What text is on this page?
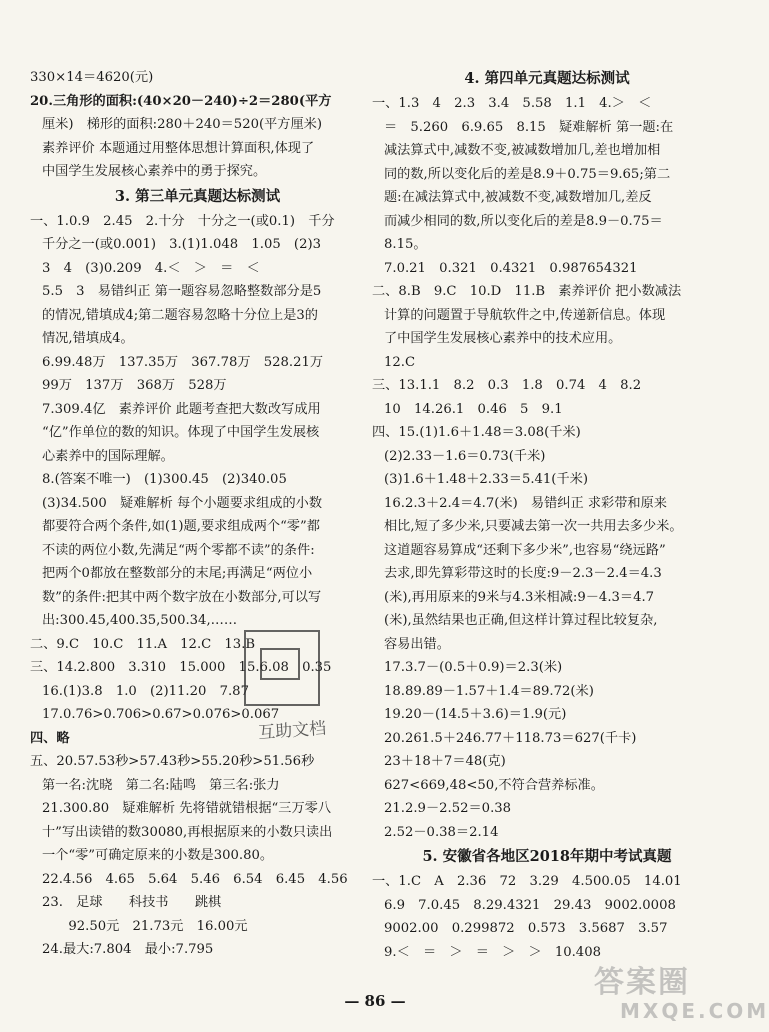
330×14＝4620(元)
20.三角形的面积:(40×20－240)÷2＝280(平方
厘米)　梯形的面积:280＋240＝520(平方厘米)
素养评价 本题通过用整体思想计算面积,体现了
中国学生发展核心素养中的勇于探究。
3. 第三单元真题达标测试
一、1.0.9　2.45　2.十分　十分之一(或0.1)　千分
千分之一(或0.001)　3.(1)1.048　1.05　(2)3
3　4　(3)0.209　4.＜　＞　＝　＜
5.5　3　易错纠正 第一题容易忽略整数部分是5
的情况,错填成4;第二题容易忽略十分位上是3的
情况,错填成4。
6.99.48万　137.35万　367.78万　528.21万
99万　137万　368万　528万
7.309.4亿　素养评价 此题考查把大数改写成用
“亿”作单位的数的知识。体现了中国学生发展核
心素养中的国际理解。
8.(答案不唯一)　(1)300.45　(2)340.05
(3)34.500　疑难解析 每个小题要求组成的小数
都要符合两个条件,如(1)题,要求组成两个“零”都
不读的两位小数,先满足“两个零都不读”的条件:
把两个0都放在整数部分的末尾;再满足“两位小
数”的条件:把其中两个数字放在小数部分,可以写
出:300.45,400.35,500.34,……
二、9.C　10.C　11.A　12.C　13.B
三、14.2.800　3.310　15.000　15.6.08　0.35
16.(1)3.8　1.0　(2)11.20　7.87
17.0.76>0.706>0.67>0.076>0.067
四、略
五、20.57.53秒>57.43秒>55.20秒>51.56秒
第一名:沈晓　第二名:陆鸣　第三名:张力
21.300.80　疑难解析 先将错就错根据“三万零八
十”写出读错的数30080,再根据原来的小数只读出
一个“零”可确定原来的小数是300.80。
22.4.56　4.65　5.64　5.46　6.54　6.45　4.56
23.　足球　　科技书　　跳棋
　　92.50元　21.73元　16.00元
24.最大:7.804　最小:7.795
4. 第四单元真题达标测试
一、1.3　4　2.3　3.4　5.58　1.1　4.＞　＜
＝　5.260　6.9.65　8.15　疑难解析 第一题:在
减法算式中,减数不变,被减数增加几,差也增加相
同的数,所以变化后的差是8.9＋0.75＝9.65;第二
题:在减法算式中,被减数不变,减数增加几,差反
而减少相同的数,所以变化后的差是8.9－0.75＝
8.15。
7.0.21　0.321　0.4321　0.987654321
二、8.B　9.C　10.D　11.B　素养评价 把小数减法
计算的问题置于导航软件之中,传递新信息。体现
了中国学生发展核心素养中的技术应用。
12.C
三、13.1.1　8.2　0.3　1.8　0.74　4　8.2
10　14.26.1　0.46　5　9.1
四、15.(1)1.6＋1.48＝3.08(千米)
(2)2.33－1.6＝0.73(千米)
(3)1.6＋1.48＋2.33＝5.41(千米)
16.2.3＋2.4＝4.7(米)　易错纠正 求彩带和原来
相比,短了多少米,只要减去第一次一共用去多少米。
这道题容易算成“还剩下多少米”,也容易“绕远路”
去求,即先算彩带这时的长度:9－2.3－2.4＝4.3
(米),再用原来的9米与4.3米相减:9－4.3＝4.7
(米),虽然结果也正确,但这样计算过程比较复杂,
容易出错。
17.3.7－(0.5＋0.9)＝2.3(米)
18.89.89－1.57＋1.4＝89.72(米)
19.20－(14.5＋3.6)＝1.9(元)
20.261.5＋246.77＋118.73＝627(千卡)
23＋18＋7＝48(克)
627<669,48<50,不符合营养标准。
21.2.9－2.52＝0.38
2.52－0.38＝2.14
5. 安徽省各地区2018年期中考试真题
一、1.C　A　2.36　72　3.29　4.500.05　14.01
6.9　7.0.45　8.29.4321　29.43　9002.0008
9002.00　0.299872　0.573　3.5687　3.57
9.＜　＝　＞　＝　＞　＞　10.408
互助文档
— 86 —
答案圈
MXQE.COM
